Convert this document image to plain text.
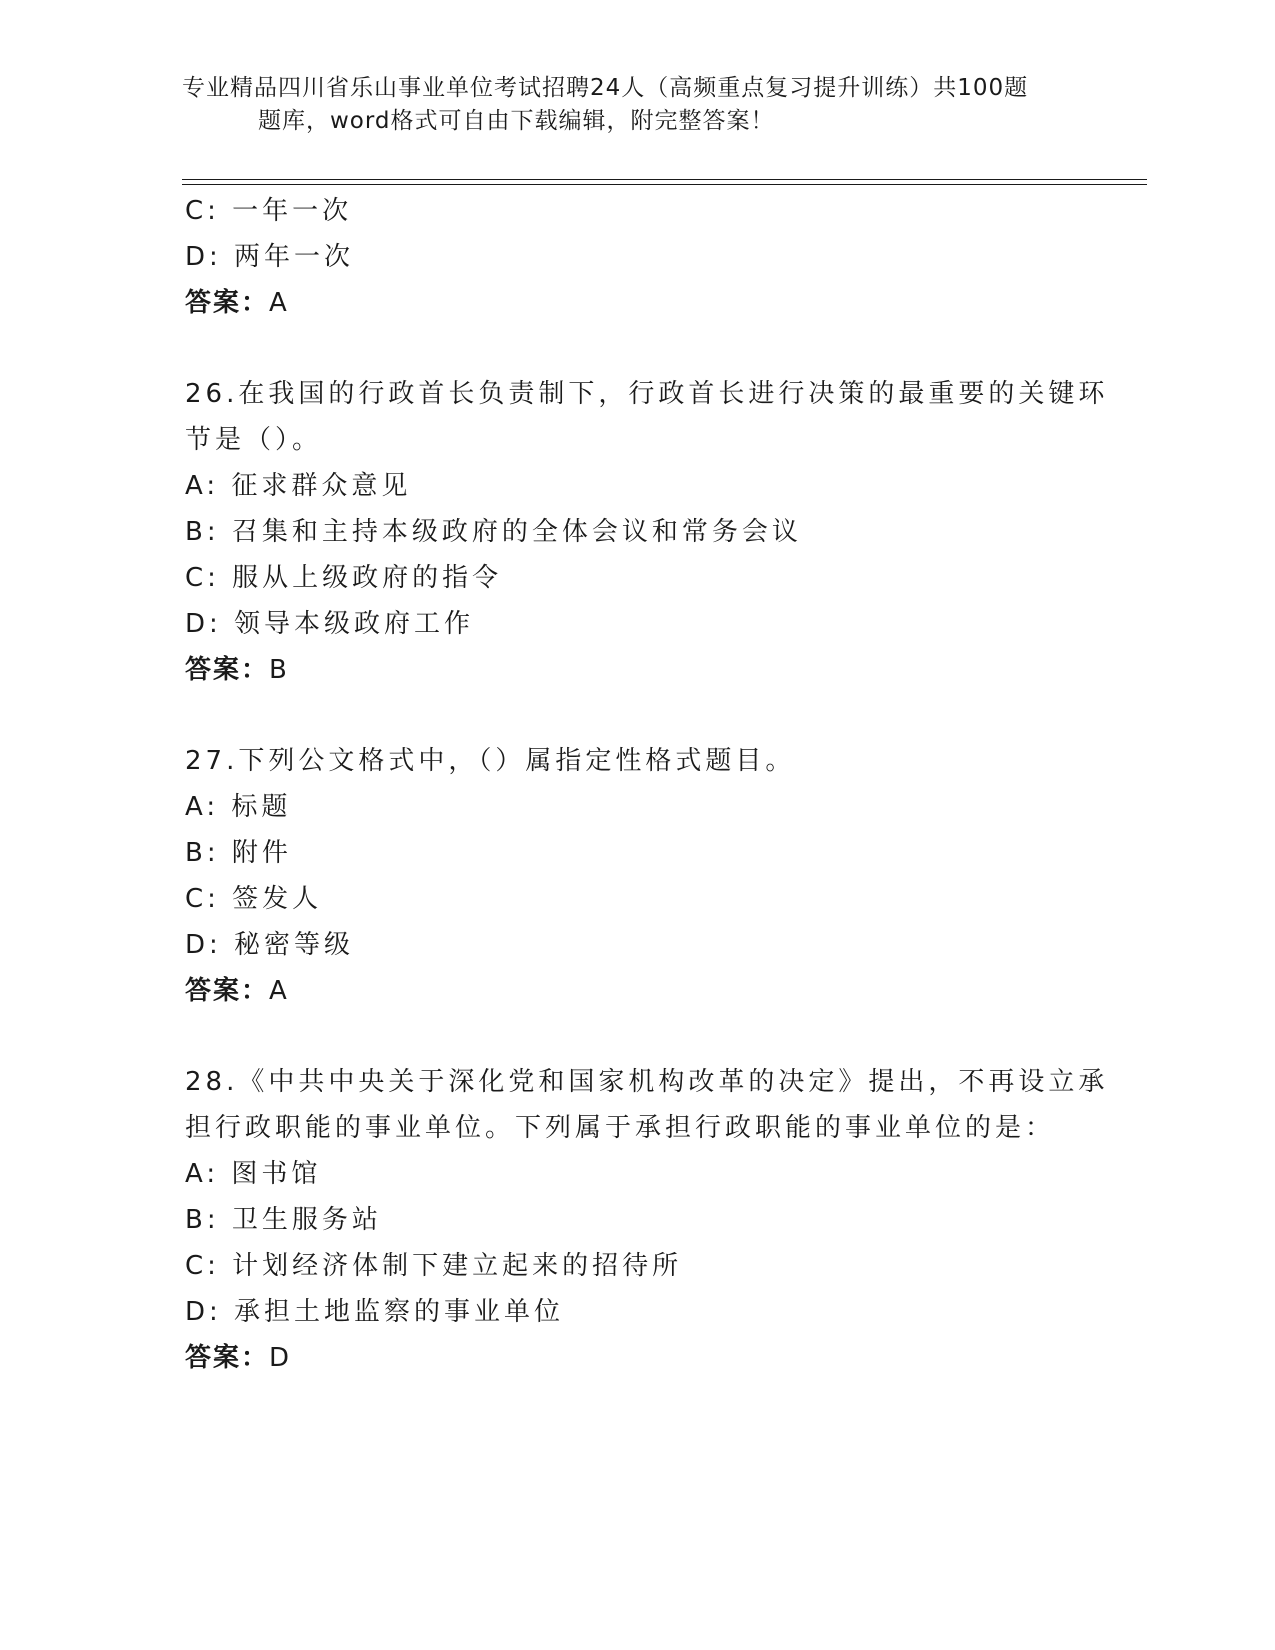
专业精品四川省乐山事业单位考试招聘24人（高频重点复习提升训练）共100题
题库，word格式可自由下载编辑，附完整答案！
C: 一年一次
D: 两年一次
答案：A
26.在我国的行政首长负责制下，行政首长进行决策的最重要的关键环
节是（）。
A: 征求群众意见
B: 召集和主持本级政府的全体会议和常务会议
C: 服从上级政府的指令
D: 领导本级政府工作
答案：B
27.下列公文格式中，（）属指定性格式题目。
A: 标题
B: 附件
C: 签发人
D: 秘密等级
答案：A
28.《中共中央关于深化党和国家机构改革的决定》提出，不再设立承
担行政职能的事业单位。下列属于承担行政职能的事业单位的是：
A: 图书馆
B: 卫生服务站
C: 计划经济体制下建立起来的招待所
D: 承担土地监察的事业单位
答案：D
